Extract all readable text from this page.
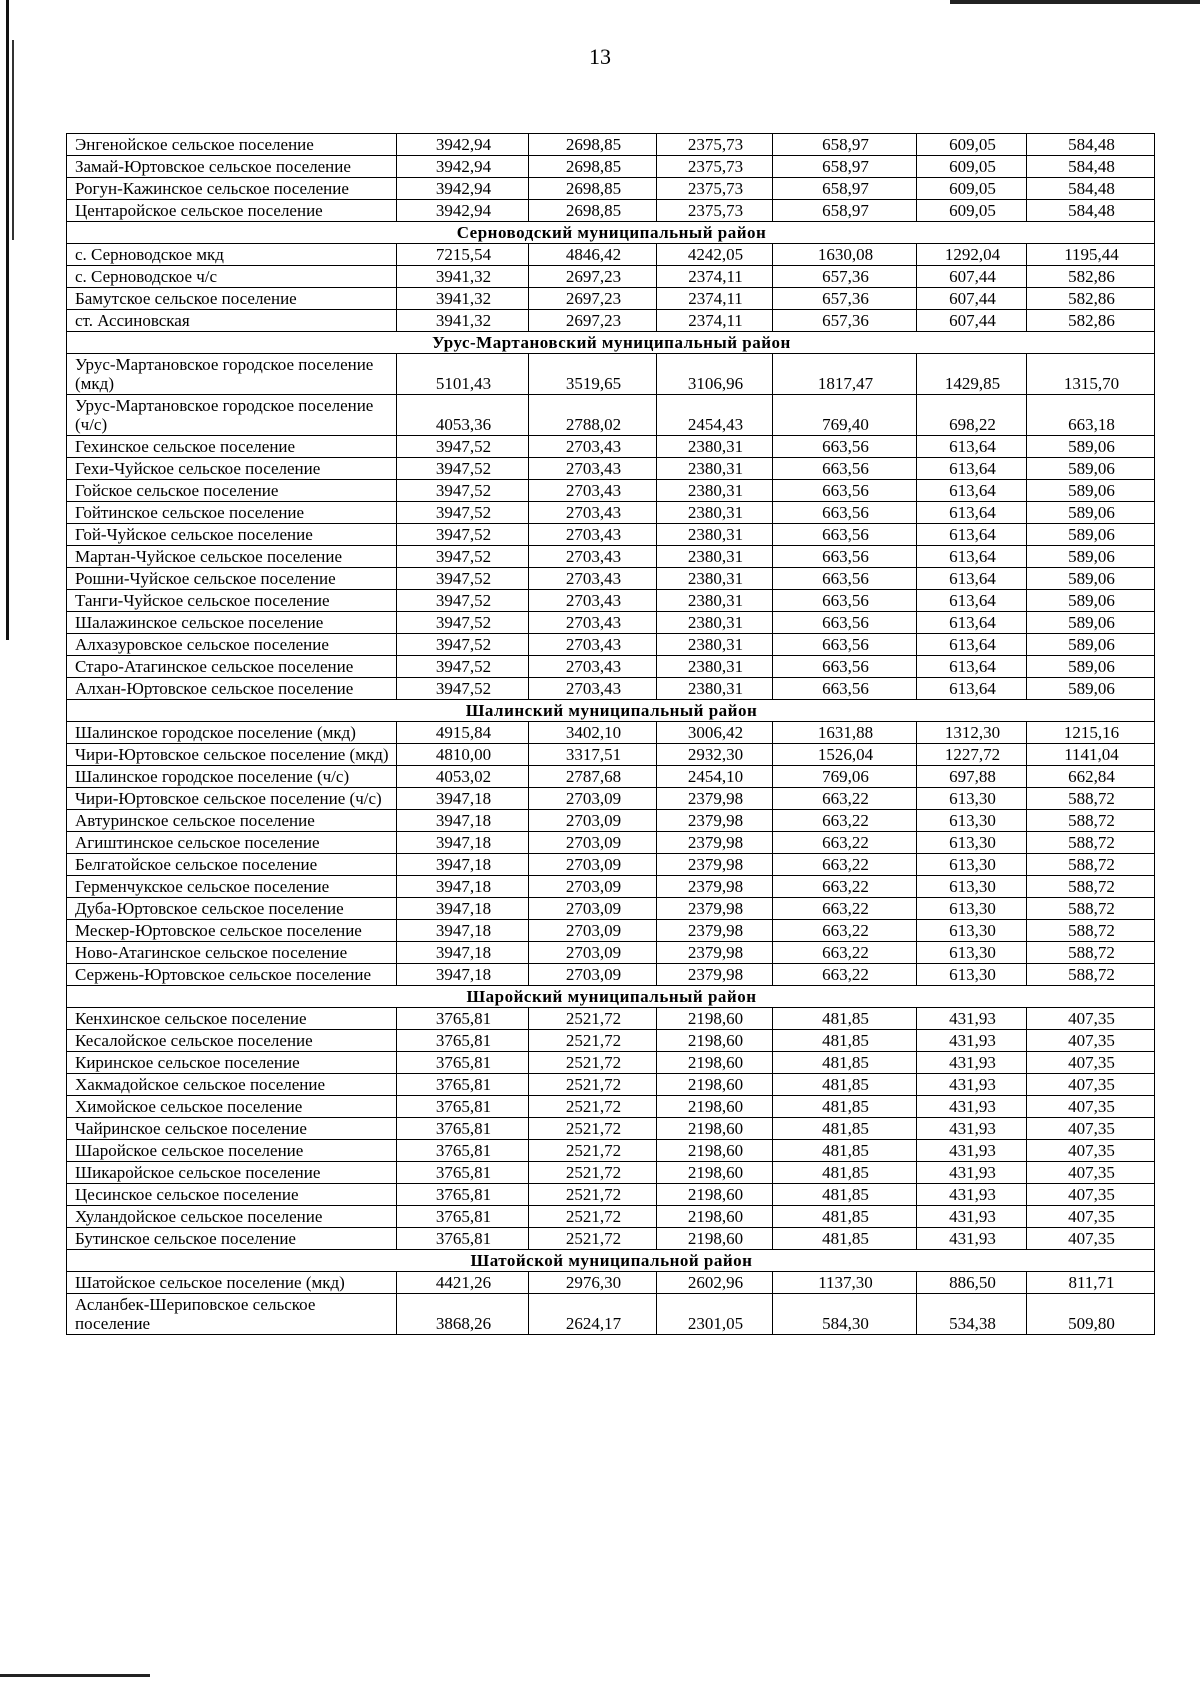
13
Энгенойское сельское поселение	3942,94	2698,85	2375,73	658,97	609,05	584,48
Замай-Юртовское сельское поселение	3942,94	2698,85	2375,73	658,97	609,05	584,48
Рогун-Кажинское сельское поселение	3942,94	2698,85	2375,73	658,97	609,05	584,48
Центаройское сельское поселение	3942,94	2698,85	2375,73	658,97	609,05	584,48
Серноводский муниципальный район						
с. Серноводское мкд	7215,54	4846,42	4242,05	1630,08	1292,04	1195,44
с. Серноводское ч/с	3941,32	2697,23	2374,11	657,36	607,44	582,86
Бамутское сельское поселение	3941,32	2697,23	2374,11	657,36	607,44	582,86
ст. Ассиновская	3941,32	2697,23	2374,11	657,36	607,44	582,86
Урус-Мартановский муниципальный район						
Урус-Мартановское городское поселение (мкд)	5101,43	3519,65	3106,96	1817,47	1429,85	1315,70
Урус-Мартановское городское поселение (ч/с)	4053,36	2788,02	2454,43	769,40	698,22	663,18
Гехинское сельское поселение	3947,52	2703,43	2380,31	663,56	613,64	589,06
Гехи-Чуйское сельское поселение	3947,52	2703,43	2380,31	663,56	613,64	589,06
Гойское сельское поселение	3947,52	2703,43	2380,31	663,56	613,64	589,06
Гойтинское сельское поселение	3947,52	2703,43	2380,31	663,56	613,64	589,06
Гой-Чуйское сельское поселение	3947,52	2703,43	2380,31	663,56	613,64	589,06
Мартан-Чуйское сельское поселение	3947,52	2703,43	2380,31	663,56	613,64	589,06
Рошни-Чуйское сельское поселение	3947,52	2703,43	2380,31	663,56	613,64	589,06
Танги-Чуйское сельское поселение	3947,52	2703,43	2380,31	663,56	613,64	589,06
Шалажинское сельское поселение	3947,52	2703,43	2380,31	663,56	613,64	589,06
Алхазуровское сельское поселение	3947,52	2703,43	2380,31	663,56	613,64	589,06
Старо-Атагинское сельское поселение	3947,52	2703,43	2380,31	663,56	613,64	589,06
Алхан-Юртовское сельское поселение	3947,52	2703,43	2380,31	663,56	613,64	589,06
Шалинский муниципальный район						
Шалинское городское поселение (мкд)	4915,84	3402,10	3006,42	1631,88	1312,30	1215,16
Чири-Юртовское сельское поселение (мкд)	4810,00	3317,51	2932,30	1526,04	1227,72	1141,04
Шалинское городское поселение (ч/с)	4053,02	2787,68	2454,10	769,06	697,88	662,84
Чири-Юртовское сельское поселение (ч/с)	3947,18	2703,09	2379,98	663,22	613,30	588,72
Автуринское сельское поселение	3947,18	2703,09	2379,98	663,22	613,30	588,72
Агиштинское сельское поселение	3947,18	2703,09	2379,98	663,22	613,30	588,72
Белгатойское сельское поселение	3947,18	2703,09	2379,98	663,22	613,30	588,72
Герменчукское сельское поселение	3947,18	2703,09	2379,98	663,22	613,30	588,72
Дуба-Юртовское сельское поселение	3947,18	2703,09	2379,98	663,22	613,30	588,72
Мескер-Юртовское сельское поселение	3947,18	2703,09	2379,98	663,22	613,30	588,72
Ново-Атагинское сельское поселение	3947,18	2703,09	2379,98	663,22	613,30	588,72
Сержень-Юртовское сельское поселение	3947,18	2703,09	2379,98	663,22	613,30	588,72
Шаройский муниципальный район						
Кенхинское сельское поселение	3765,81	2521,72	2198,60	481,85	431,93	407,35
Кесалойское сельское поселение	3765,81	2521,72	2198,60	481,85	431,93	407,35
Киринское сельское поселение	3765,81	2521,72	2198,60	481,85	431,93	407,35
Хакмадойское сельское поселение	3765,81	2521,72	2198,60	481,85	431,93	407,35
Химойское сельское поселение	3765,81	2521,72	2198,60	481,85	431,93	407,35
Чайринское сельское поселение	3765,81	2521,72	2198,60	481,85	431,93	407,35
Шаройское сельское поселение	3765,81	2521,72	2198,60	481,85	431,93	407,35
Шикаройское сельское поселение	3765,81	2521,72	2198,60	481,85	431,93	407,35
Цесинское сельское поселение	3765,81	2521,72	2198,60	481,85	431,93	407,35
Хуландойское сельское поселение	3765,81	2521,72	2198,60	481,85	431,93	407,35
Бутинское сельское поселение	3765,81	2521,72	2198,60	481,85	431,93	407,35
Шатойской муниципальной район						
Шатойское сельское поселение (мкд)	4421,26	2976,30	2602,96	1137,30	886,50	811,71
Асланбек-Шериповское сельское поселение	3868,26	2624,17	2301,05	584,30	534,38	509,80
